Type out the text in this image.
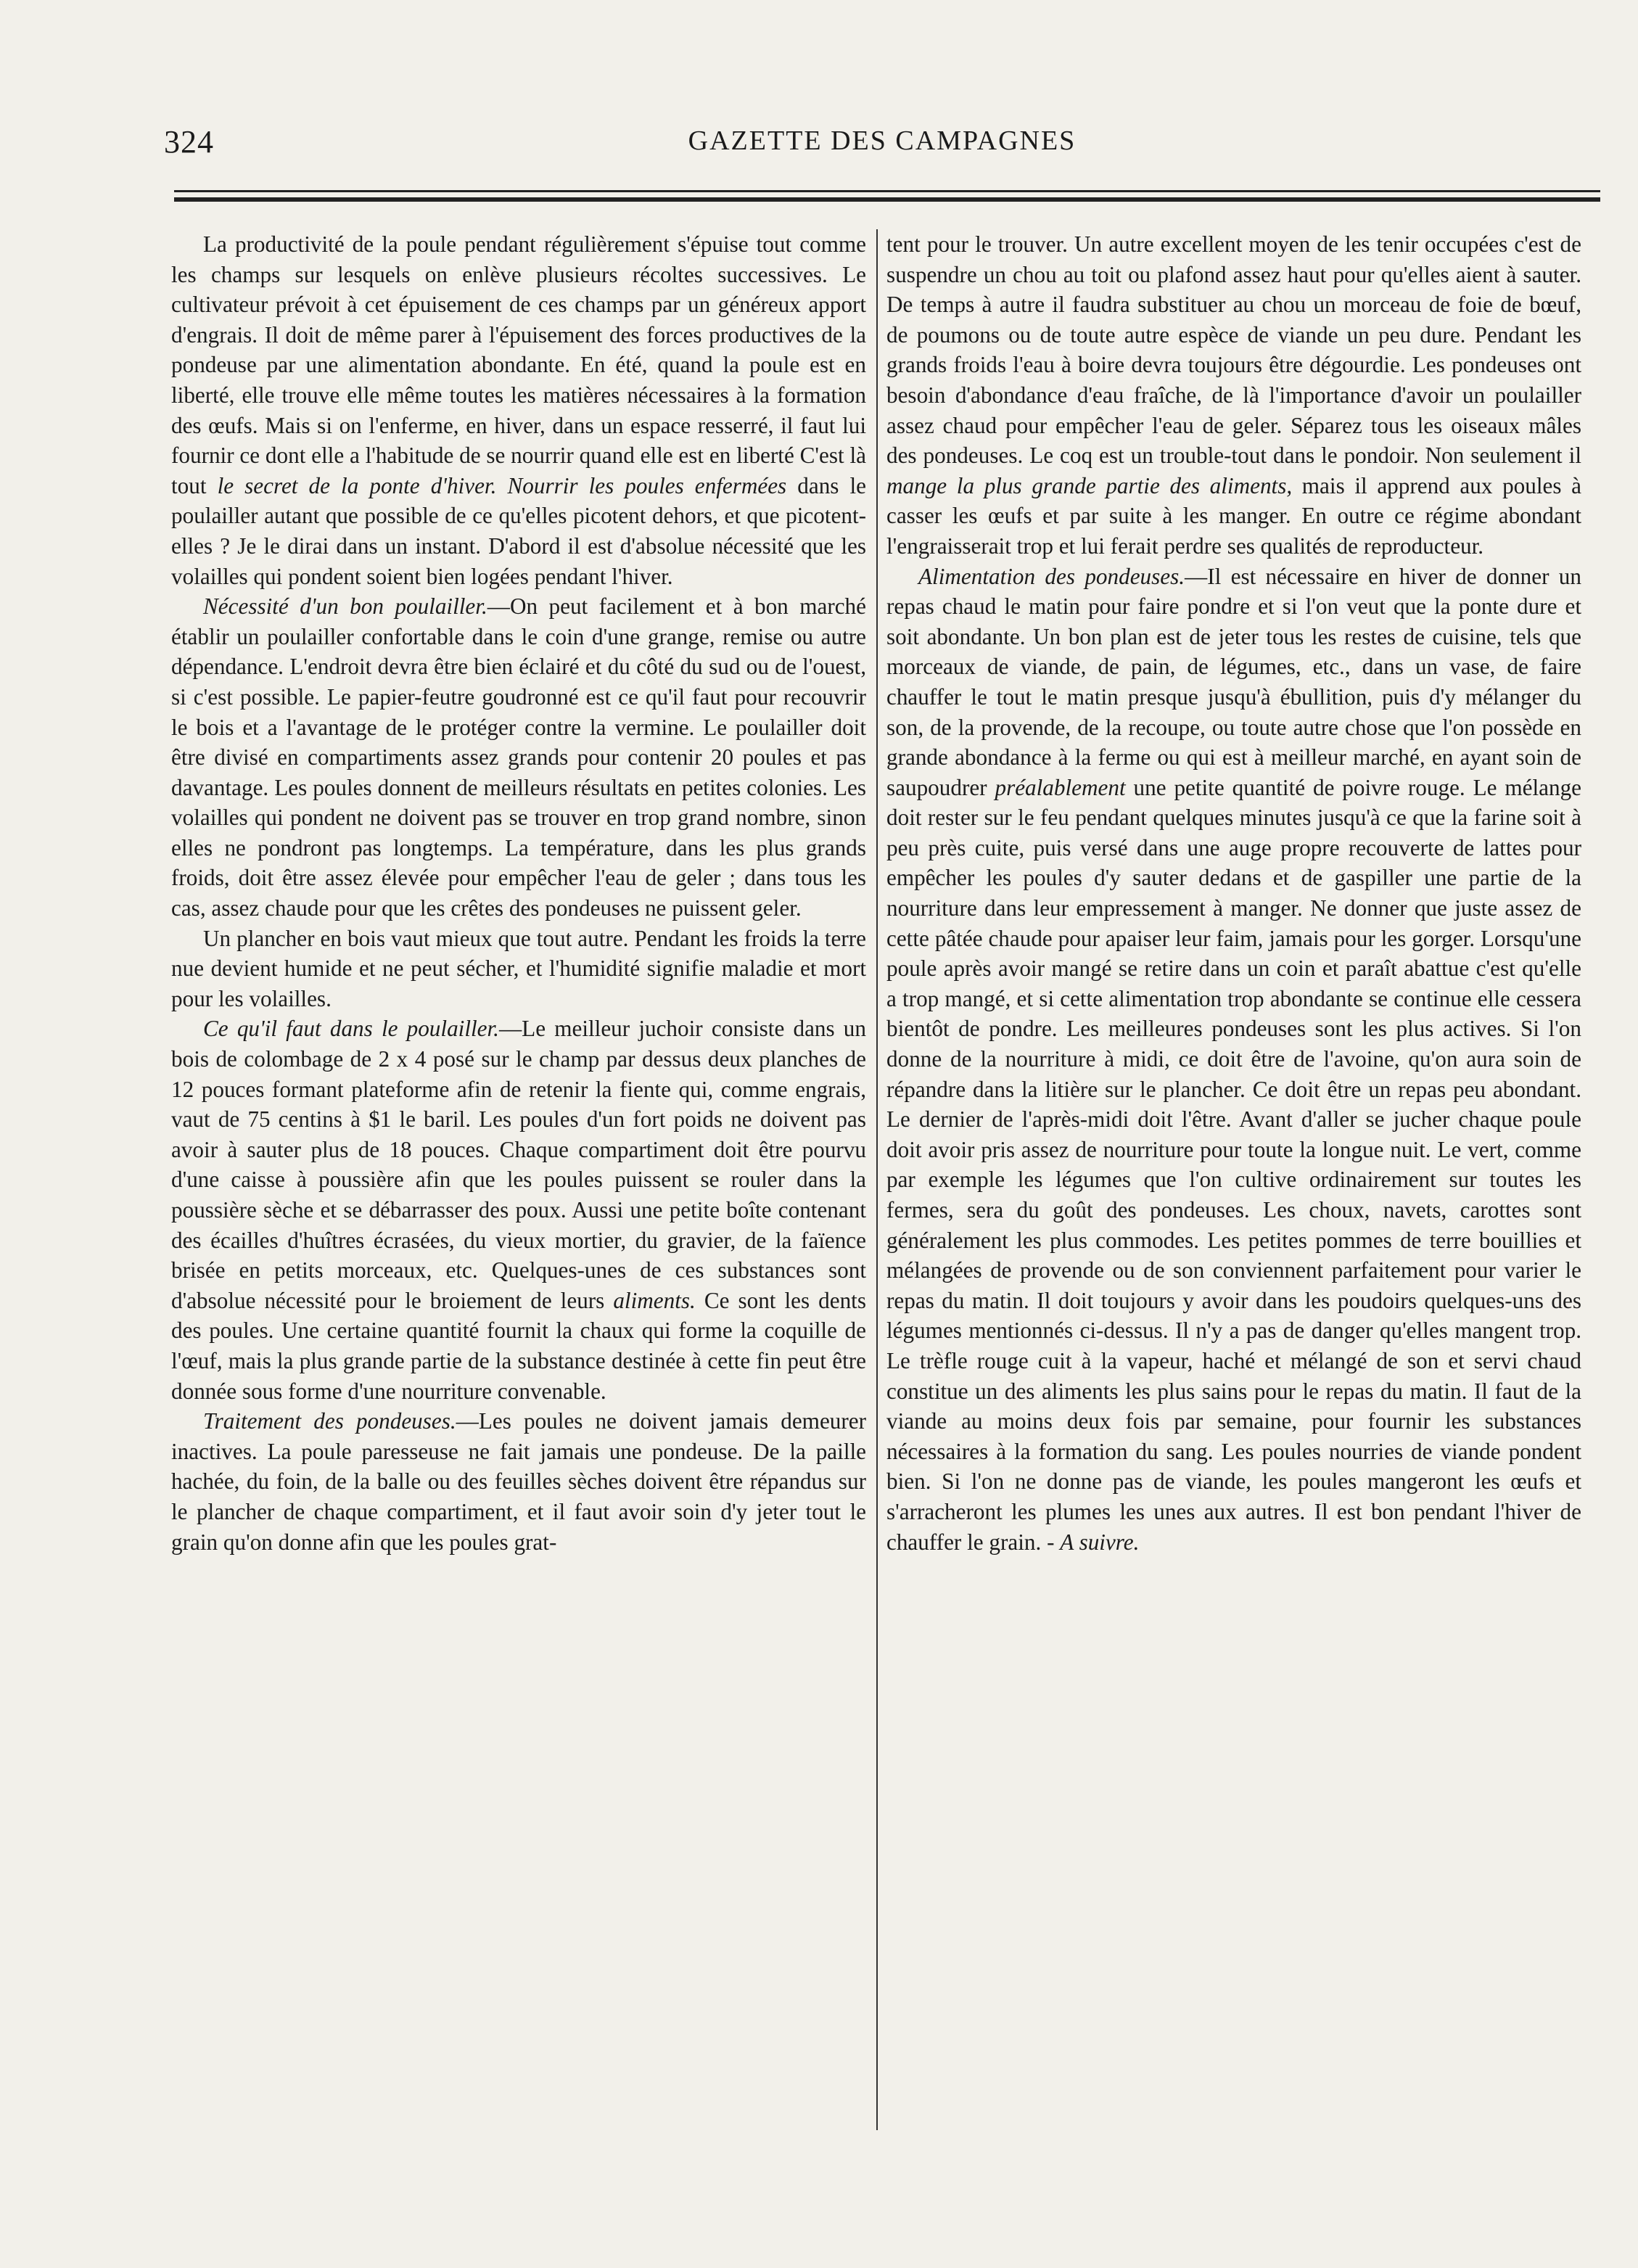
324	GAZETTE DES CAMPAGNES

La productivité de la poule pendant régulièrement s'épuise tout comme les champs sur lesquels on enlève plusieurs récoltes successives. Le cultivateur prévoit à cet épuisement de ces champs par un généreux apport d'engrais. Il doit de même parer à l'épuisement des forces productives de la pondeuse par une alimentation abondante. En été, quand la poule est en liberté, elle trouve elle même toutes les matières nécessaires à la formation des œufs. Mais si on l'enferme, en hiver, dans un espace resserré, il faut lui fournir ce dont elle a l'habitude de se nourrir quand elle est en liberté C'est là tout le secret de la ponte d'hiver. Nourrir les poules enfermées dans le poulailler autant que possible de ce qu'elles picotent dehors, et que picotent-elles ? Je le dirai dans un instant. D'abord il est d'absolue nécessité que les volailles qui pondent soient bien logées pendant l'hiver.

Nécessité d'un bon poulailler.—On peut facilement et à bon marché établir un poulailler confortable dans le coin d'une grange, remise ou autre dépendance. L'endroit devra être bien éclairé et du côté du sud ou de l'ouest, si c'est possible. Le papier-feutre goudronné est ce qu'il faut pour recouvrir le bois et a l'avantage de le protéger contre la vermine. Le poulailler doit être divisé en compartiments assez grands pour contenir 20 poules et pas davantage. Les poules donnent de meilleurs résultats en petites colonies. Les volailles qui pondent ne doivent pas se trouver en trop grand nombre, sinon elles ne pondront pas longtemps. La température, dans les plus grands froids, doit être assez élevée pour empêcher l'eau de geler ; dans tous les cas, assez chaude pour que les crêtes des pondeuses ne puissent geler.

Un plancher en bois vaut mieux que tout autre. Pendant les froids la terre nue devient humide et ne peut sécher, et l'humidité signifie maladie et mort pour les volailles.

Ce qu'il faut dans le poulailler.—Le meilleur juchoir consiste dans un bois de colombage de 2 x 4 posé sur le champ par dessus deux planches de 12 pouces formant plateforme afin de retenir la fiente qui, comme engrais, vaut de 75 centins à $1 le baril. Les poules d'un fort poids ne doivent pas avoir à sauter plus de 18 pouces. Chaque compartiment doit être pourvu d'une caisse à poussière afin que les poules puissent se rouler dans la poussière sèche et se débarrasser des poux. Aussi une petite boîte contenant des écailles d'huîtres écrasées, du vieux mortier, du gravier, de la faïence brisée en petits morceaux, etc. Quelques-unes de ces substances sont d'absolue nécessité pour le broiement de leurs aliments. Ce sont les dents des poules. Une certaine quantité fournit la chaux qui forme la coquille de l'œuf, mais la plus grande partie de la substance destinée à cette fin peut être donnée sous forme d'une nourriture convenable.

Traitement des pondeuses.—Les poules ne doivent jamais demeurer inactives. La poule paresseuse ne fait jamais une pondeuse. De la paille hachée, du foin, de la balle ou des feuilles sèches doivent être répandus sur le plancher de chaque compartiment, et il faut avoir soin d'y jeter tout le grain qu'on donne afin que les poules grat-

tent pour le trouver. Un autre excellent moyen de les tenir occupées c'est de suspendre un chou au toit ou plafond assez haut pour qu'elles aient à sauter. De temps à autre il faudra substituer au chou un morceau de foie de bœuf, de poumons ou de toute autre espèce de viande un peu dure. Pendant les grands froids l'eau à boire devra toujours être dégourdie. Les pondeuses ont besoin d'abondance d'eau fraîche, de là l'importance d'avoir un poulailler assez chaud pour empêcher l'eau de geler. Séparez tous les oiseaux mâles des pondeuses. Le coq est un trouble-tout dans le pondoir. Non seulement il mange la plus grande partie des aliments, mais il apprend aux poules à casser les œufs et par suite à les manger. En outre ce régime abondant l'engraisserait trop et lui ferait perdre ses qualités de reproducteur.

Alimentation des pondeuses.—Il est nécessaire en hiver de donner un repas chaud le matin pour faire pondre et si l'on veut que la ponte dure et soit abondante. Un bon plan est de jeter tous les restes de cuisine, tels que morceaux de viande, de pain, de légumes, etc., dans un vase, de faire chauffer le tout le matin presque jusqu'à ébullition, puis d'y mélanger du son, de la provende, de la recoupe, ou toute autre chose que l'on possède en grande abondance à la ferme ou qui est à meilleur marché, en ayant soin de saupoudrer préalablement une petite quantité de poivre rouge. Le mélange doit rester sur le feu pendant quelques minutes jusqu'à ce que la farine soit à peu près cuite, puis versé dans une auge propre recouverte de lattes pour empêcher les poules d'y sauter dedans et de gaspiller une partie de la nourriture dans leur empressement à manger. Ne donner que juste assez de cette pâtée chaude pour apaiser leur faim, jamais pour les gorger. Lorsqu'une poule après avoir mangé se retire dans un coin et paraît abattue c'est qu'elle a trop mangé, et si cette alimentation trop abondante se continue elle cessera bientôt de pondre. Les meilleures pondeuses sont les plus actives. Si l'on donne de la nourriture à midi, ce doit être de l'avoine, qu'on aura soin de répandre dans la litière sur le plancher. Ce doit être un repas peu abondant. Le dernier de l'après-midi doit l'être. Avant d'aller se jucher chaque poule doit avoir pris assez de nourriture pour toute la longue nuit. Le vert, comme par exemple les légumes que l'on cultive ordinairement sur toutes les fermes, sera du goût des pondeuses. Les choux, navets, carottes sont généralement les plus commodes. Les petites pommes de terre bouillies et mélangées de provende ou de son conviennent parfaitement pour varier le repas du matin. Il doit toujours y avoir dans les poudoirs quelques-uns des légumes mentionnés ci-dessus. Il n'y a pas de danger qu'elles mangent trop. Le trèfle rouge cuit à la vapeur, haché et mélangé de son et servi chaud constitue un des aliments les plus sains pour le repas du matin. Il faut de la viande au moins deux fois par semaine, pour fournir les substances nécessaires à la formation du sang. Les poules nourries de viande pondent bien. Si l'on ne donne pas de viande, les poules mangeront les œufs et s'arracheront les plumes les unes aux autres. Il est bon pendant l'hiver de chauffer le grain. - A suivre.
